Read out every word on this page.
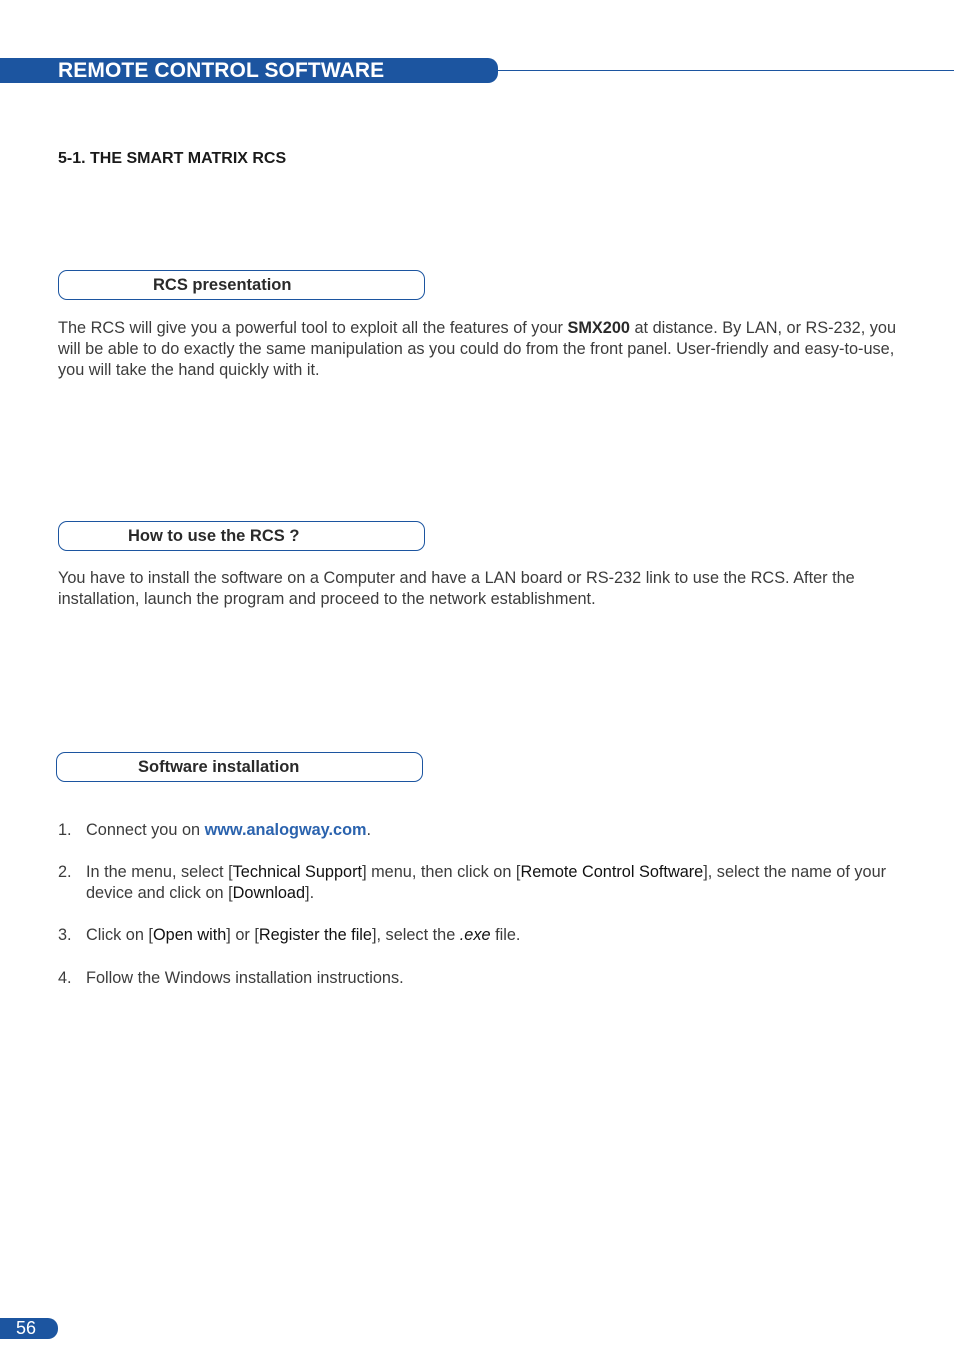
REMOTE CONTROL SOFTWARE
5-1. THE SMART MATRIX RCS
RCS presentation
The RCS will give you a powerful tool to exploit all the features of your SMX200 at distance. By LAN, or RS-232, you will be able to do exactly the same manipulation as you could do from the front panel. User-friendly and easy-to-use, you will take the hand quickly with it.
How to use the RCS ?
You have to install the software on a Computer and have a LAN board or RS-232 link to use the RCS. After the installation, launch the program and proceed to the network establishment.
Software installation
1. Connect you on www.analogway.com.
2. In the menu, select [Technical Support] menu, then click on [Remote Control Software], select the name of your device and click on [Download].
3. Click on [Open with] or [Register the file], select the .exe file.
4. Follow the Windows installation instructions.
56
